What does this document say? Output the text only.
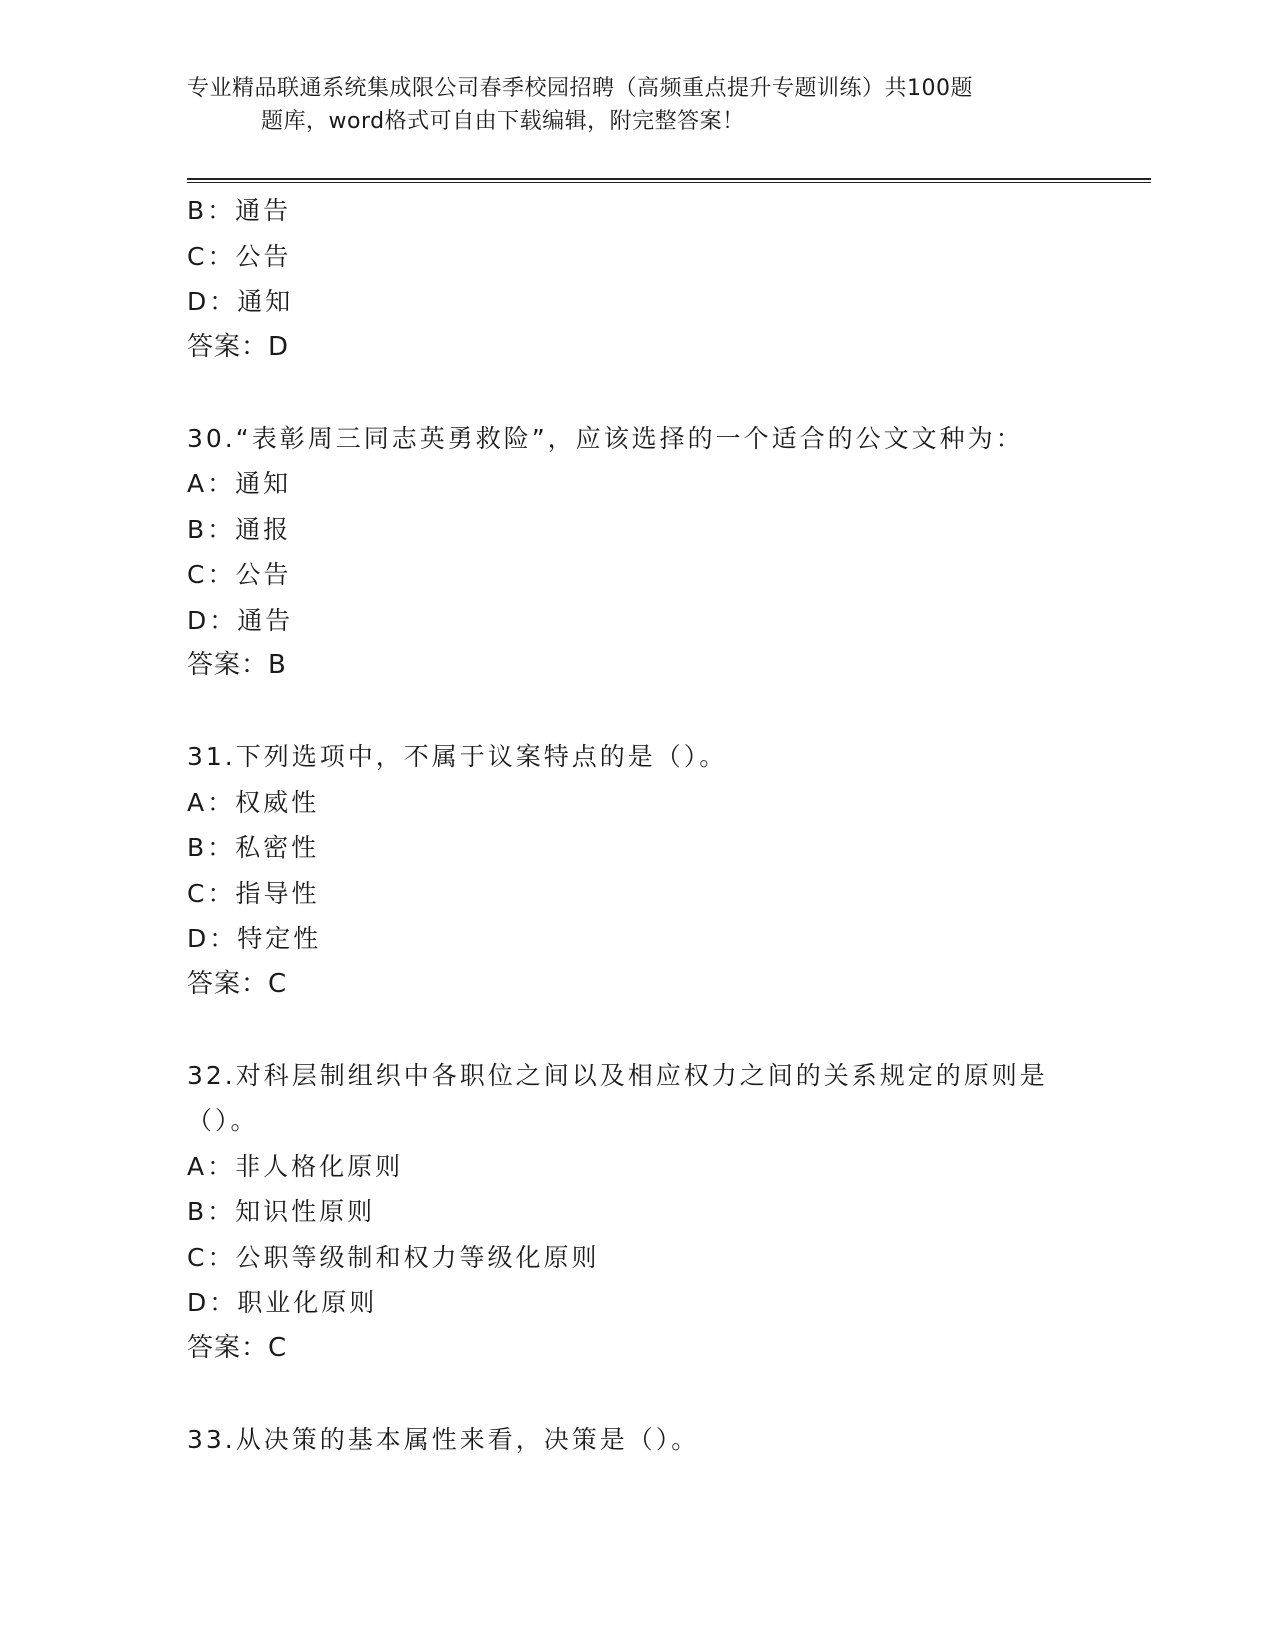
专业精品联通系统集成限公司春季校园招聘（高频重点提升专题训练）共100题
题库，word格式可自由下载编辑，附完整答案！
B：通告
C：公告
D：通知
答案：D
30.“表彰周三同志英勇救险”，应该选择的一个适合的公文文种为：
A：通知
B：通报
C：公告
D：通告
答案：B
31.下列选项中，不属于议案特点的是（）。
A：权威性
B：私密性
C：指导性
D：特定性
答案：C
32.对科层制组织中各职位之间以及相应权力之间的关系规定的原则是
（）。
A：非人格化原则
B：知识性原则
C：公职等级制和权力等级化原则
D：职业化原则
答案：C
33.从决策的基本属性来看，决策是（）。
